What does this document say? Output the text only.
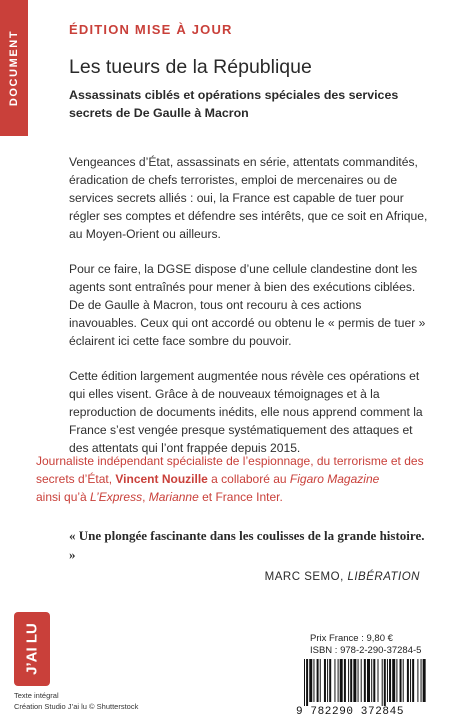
DOCUMENT
ÉDITION MISE À JOUR
Les tueurs de la République
Assassinats ciblés et opérations spéciales des services secrets de De Gaulle à Macron

Vengeances d’État, assassinats en série, attentats commandités, éradication de chefs terroristes, emploi de mercenaires ou de services secrets alliés : oui, la France est capable de tuer pour régler ses comptes et défendre ses intérêts, que ce soit en Afrique, au Moyen-Orient ou ailleurs.

Pour ce faire, la DGSE dispose d’une cellule clandestine dont les agents sont entraînés pour mener à bien des exécutions ciblées. De de Gaulle à Macron, tous ont recouru à ces actions inavouables. Ceux qui ont accordé ou obtenu le « permis de tuer » éclairent ici cette face sombre du pouvoir.

Cette édition largement augmentée nous révèle ces opérations et qui elles visent. Grâce à de nouveaux témoignages et à la reproduction de documents inédits, elle nous apprend comment la France s’est vengée presque systématiquement des attaques et des attentats qui l’ont frappée depuis 2015.

Journaliste indépendant spécialiste de l’espionnage, du terrorisme et des secrets d’État, Vincent Nouzille a collaboré au Figaro Magazine
ainsi qu’à L’Express, Marianne et France Inter.
« Une plongée fascinante dans les coulisses de la grande histoire. »
MARC SEMO, LIBÉRATION
J’AI LU
Texte intégral
Création Studio J’ai lu © Shutterstock
Prix France : 9,80 €
ISBN : 978-2-290-37284-5
9 782290 372845
